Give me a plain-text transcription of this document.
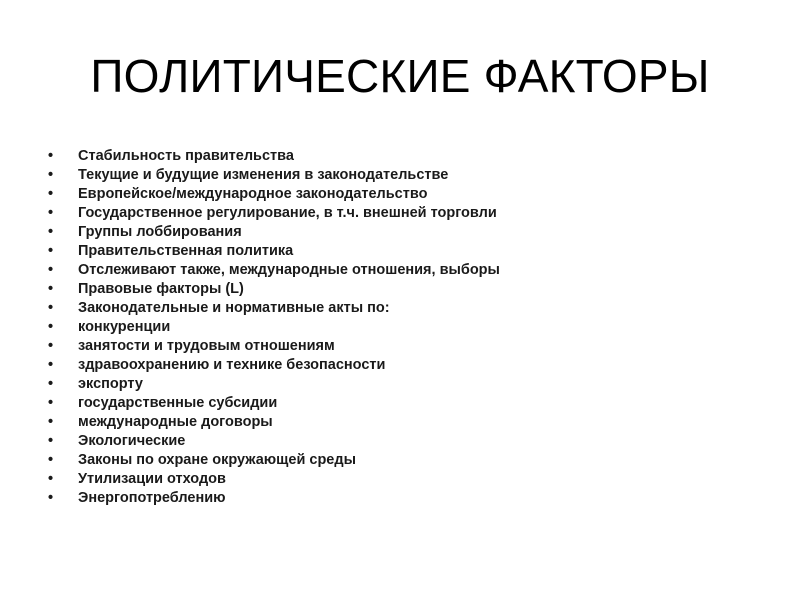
ПОЛИТИЧЕСКИЕ ФАКТОРЫ
•	Стабильность правительства
•	Текущие и будущие изменения в законодательстве
•	Европейское/международное законодательство
•	Государственное регулирование, в т.ч. внешней торговли
•	Группы лоббирования
•	Правительственная политика
•	Отслеживают также, международные отношения, выборы
•	Правовые факторы (L)
•	Законодательные и нормативные акты по:
•	конкуренции
•	занятости и трудовым отношениям
•	здравоохранению и технике безопасности
•	экспорту
•	государственные субсидии
•	международные договоры
•	Экологические
•	Законы по охране окружающей среды
•	Утилизации отходов
•	Энергопотреблению
